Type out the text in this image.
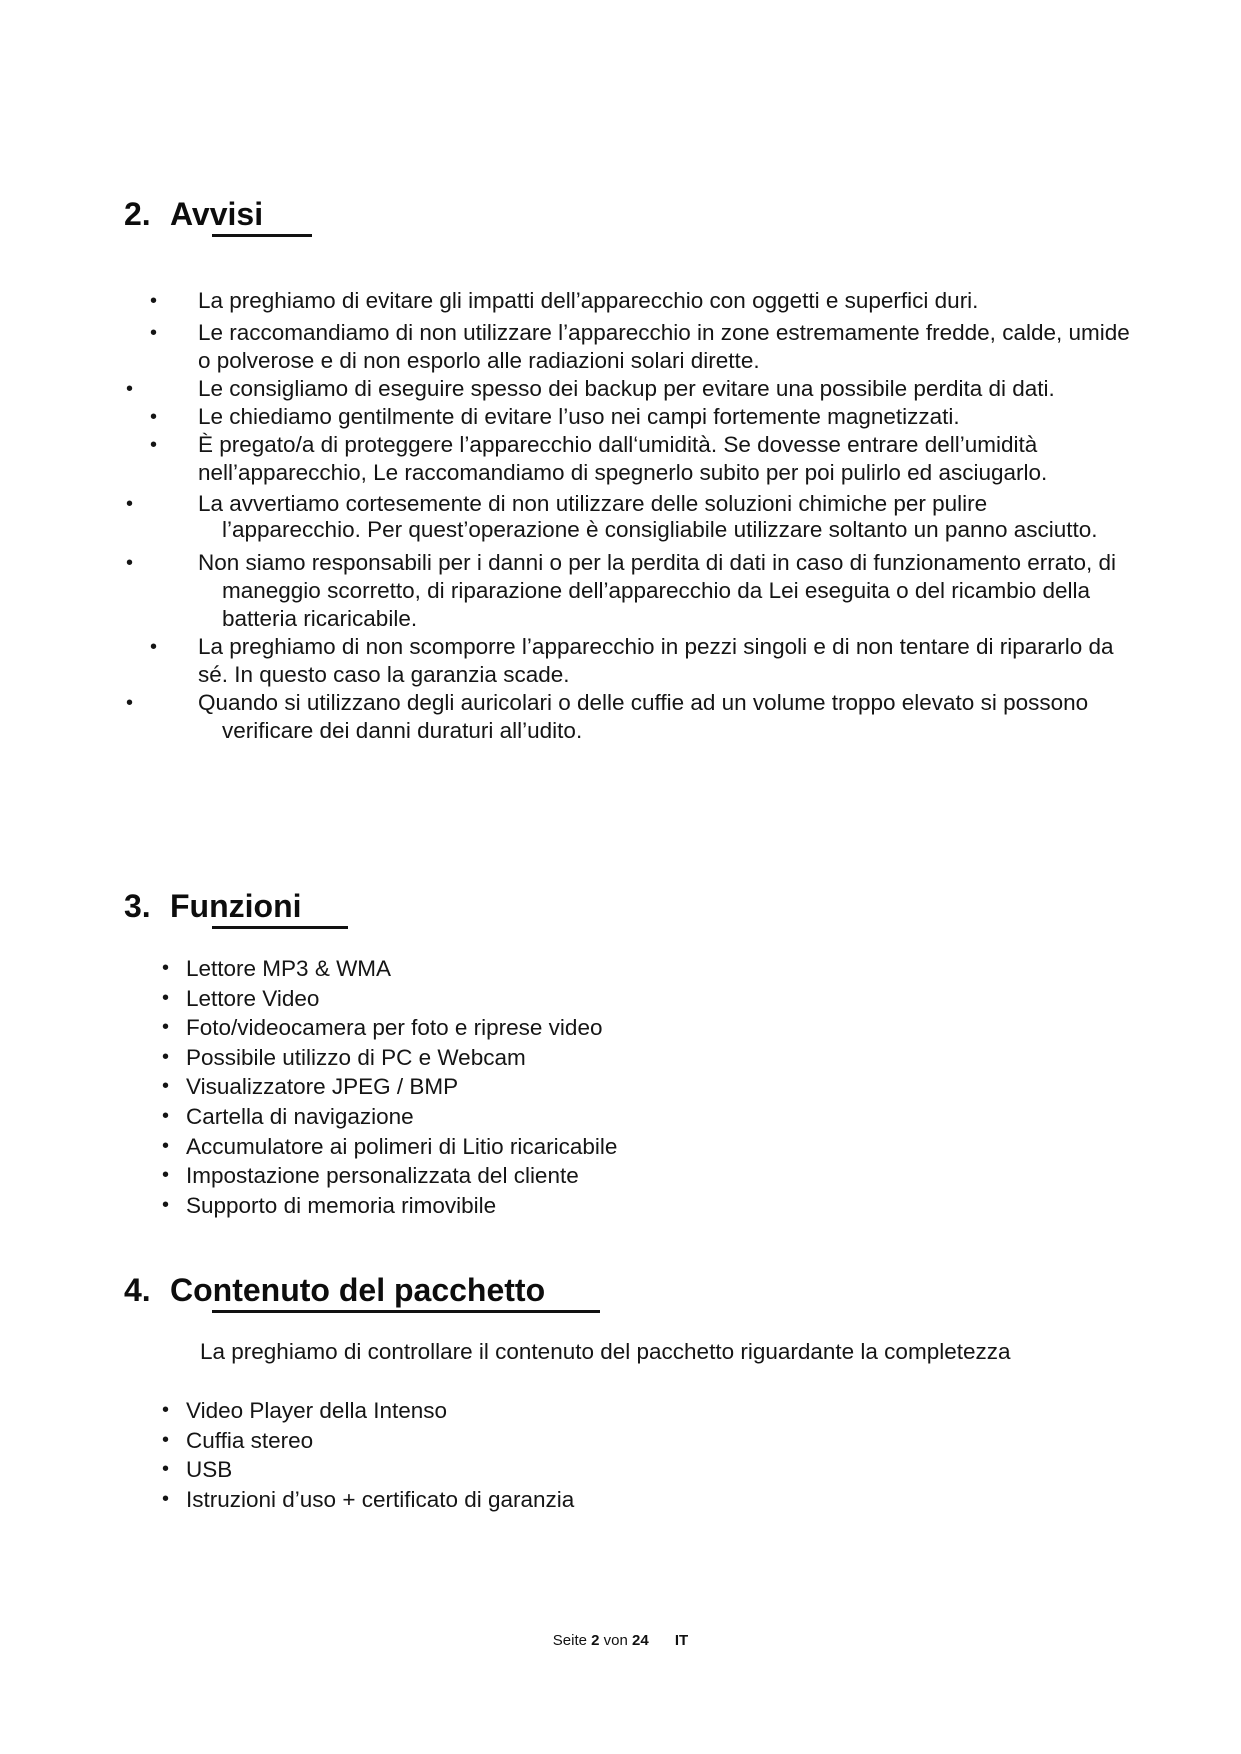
2. Avvisi
• La preghiamo di evitare gli impatti dell’apparecchio con oggetti e superfici duri.
• Le raccomandiamo di non utilizzare l’apparecchio in zone estremamente fredde, calde, umide o polverose e di non esporlo alle radiazioni solari dirette.
•	Le consigliamo di eseguire spesso dei backup per evitare una possibile perdita di dati.
• Le chiediamo gentilmente di evitare l’uso nei campi fortemente magnetizzati.
• È pregato/a di proteggere l’apparecchio dall‘umidità. Se dovesse entrare dell’umidità nell’apparecchio, Le raccomandiamo di spegnerlo subito per poi pulirlo ed asciugarlo.
•	La avvertiamo cortesemente di non utilizzare delle soluzioni chimiche per pulire l’apparecchio. Per quest’operazione è consigliabile utilizzare soltanto un panno asciutto.
•	Non siamo responsabili per i danni o per la perdita di dati in caso di funzionamento errato, di maneggio scorretto, di riparazione dell’apparecchio da Lei eseguita o del ricambio della batteria ricaricabile.
• La preghiamo di non scomporre l’apparecchio in pezzi singoli e di non tentare di ripararlo da sé. In questo caso la garanzia scade.
•	Quando si utilizzano degli auricolari o delle cuffie ad un volume troppo elevato si possono verificare dei danni duraturi all’udito.
3. Funzioni
• Lettore MP3 & WMA
• Lettore Video
• Foto/videocamera per foto e riprese video
• Possibile utilizzo di PC e Webcam
• Visualizzatore JPEG / BMP
• Cartella di navigazione
• Accumulatore ai polimeri di Litio ricaricabile
• Impostazione personalizzata del cliente
• Supporto di memoria rimovibile
4. Contenuto del pacchetto
La preghiamo di controllare il contenuto del pacchetto riguardante la completezza
• Video Player della Intenso
• Cuffia stereo
• USB
• Istruzioni d’uso + certificato di garanzia
Seite 2 von 24 IT
